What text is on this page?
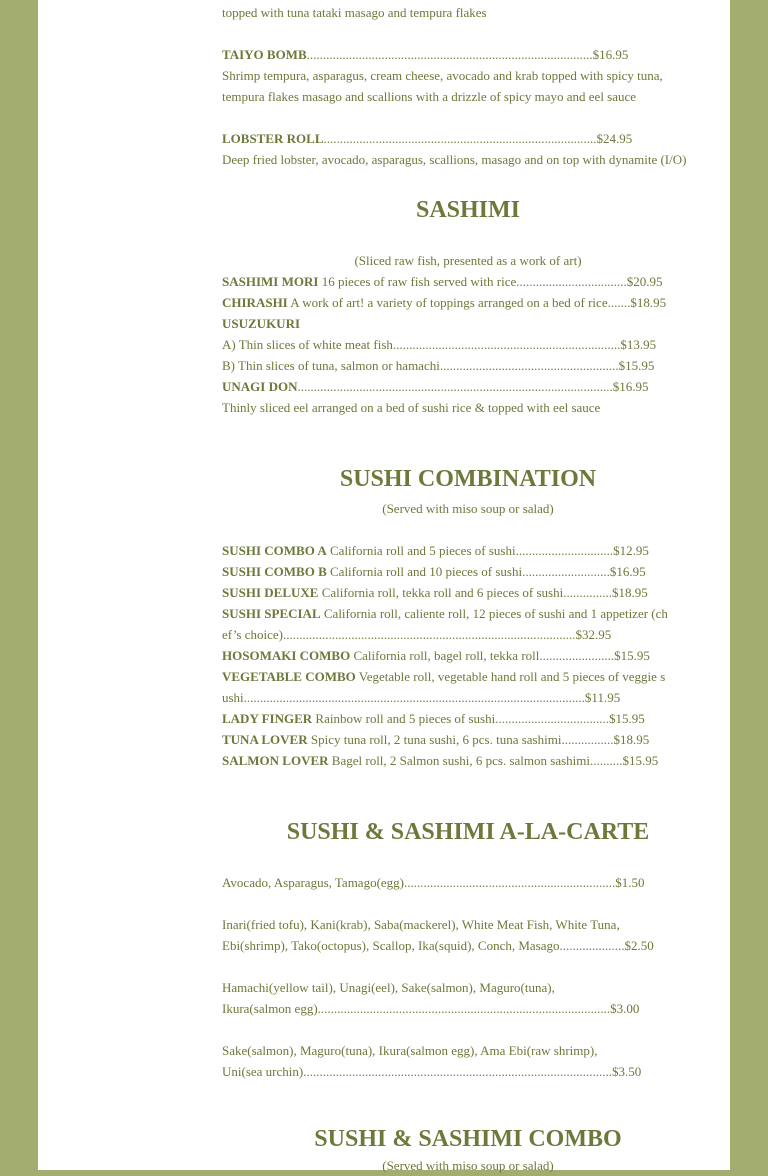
topped with tuna tataki masago and tempura flakes
TAIYO BOMB........................................................................................$16.95
Shrimp tempura, asparagus, cream cheese, avocado and krab topped with spicy tuna,
tempura flakes masago and scallions with a drizzle of spicy mayo and eel sauce
LOBSTER ROLL....................................................................................$24.95
Deep fried lobster, avocado, asparagus, scallions, masago and on top with dynamite (I/O)
SASHIMI
(Sliced raw fish, presented as a work of art)
SASHIMI MORI 16 pieces of raw fish served with rice..................................$20.95
CHIRASHI A work of art! a variety of toppings arranged on a bed of rice.......$18.95
USUZUKURI
A) Thin slices of white meat fish......................................................................$13.95
B) Thin slices of tuna, salmon or hamachi.......................................................$15.95
UNAGI DON.................................................................................................$16.95
Thinly sliced eel arranged on a bed of sushi rice & topped with eel sauce
SUSHI COMBINATION
(Served with miso soup or salad)
SUSHI COMBO A California roll and 5 pieces of sushi..............................$12.95
SUSHI COMBO B California roll and 10 pieces of sushi...........................$16.95
SUSHI DELUXE California roll, tekka roll and 6 pieces of sushi...............$18.95
SUSHI SPECIAL California roll, caliente roll, 12 pieces of sushi and 1 appetizer (chef’s choice)..........................................................................................$32.95
HOSOMAKI COMBO California roll, bagel roll, tekka roll.......................$15.95
VEGETABLE COMBO Vegetable roll, vegetable hand roll and 5 pieces of veggie sushi.........................................................................................................$11.95
LADY FINGER Rainbow roll and 5 pieces of sushi...................................$15.95
TUNA LOVER Spicy tuna roll, 2 tuna sushi, 6 pcs. tuna sashimi................$18.95
SALMON LOVER Bagel roll, 2 Salmon sushi, 6 pcs. salmon sashimi..........$15.95
SUSHI & SASHIMI A-LA-CARTE
Avocado, Asparagus, Tamago(egg).................................................................$1.50
Inari(fried tofu), Kani(krab), Saba(mackerel), White Meat Fish, White Tuna,
Ebi(shrimp), Tako(octopus), Scallop, Ika(squid), Conch, Masago....................$2.50
Hamachi(yellow tail), Unagi(eel), Sake(salmon), Maguro(tuna),
Ikura(salmon egg)..........................................................................................$3.00
Sake(salmon), Maguro(tuna), Ikura(salmon egg), Ama Ebi(raw shrimp),
Uni(sea urchin)...............................................................................................$3.50
SUSHI & SASHIMI COMBO
(Served with miso soup or salad)
